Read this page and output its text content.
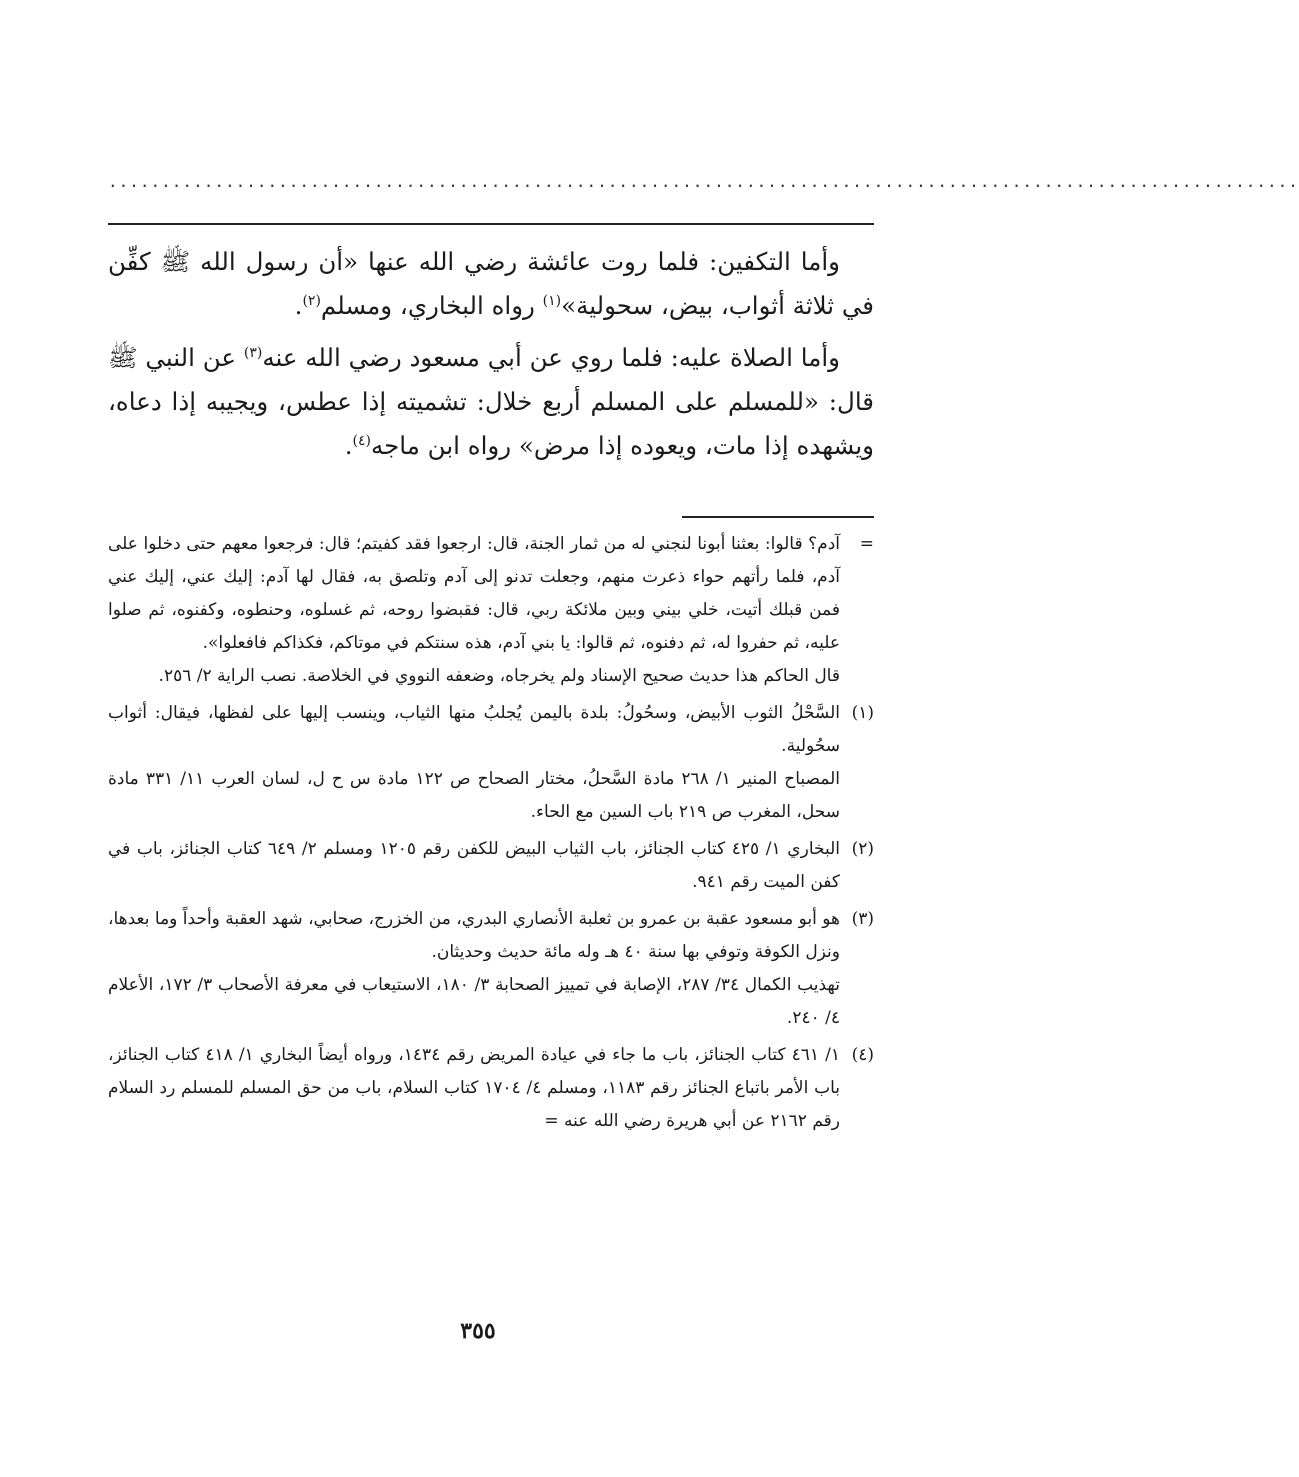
................................................................................................................

وأما التكفين: فلما روت عائشة رضي الله عنها «أن رسول الله ﷺ كفِّن في ثلاثة أثواب، بيض، سحولية»$^{(١)}$ رواه البخاري، ومسلم$^{(٢)}$.

وأما الصلاة عليه: فلما روي عن أبي مسعود رضي الله عنه$^{(٣)}$ عن النبي ﷺ قال: «للمسلم على المسلم أربع خلال: تشميته إذا عطس، ويجيبه إذا دعاه، ويشهده إذا مات، ويعوده إذا مرض» رواه ابن ماجه$^{(٤)}$.

=

آدم؟ قالوا: بعثنا أبونا لنجني له من ثمار الجنة، قال: ارجعوا فقد كفيتم؛ قال: فرجعوا معهم حتى دخلوا على آدم، فلما رأتهم حواء ذعرت منهم، وجعلت تدنو إلى آدم وتلصق به، فقال لها آدم: إليك عني، إليك عني فمن قبلك أتيت، خلي بيني وبين ملائكة ربي، قال: فقبضوا روحه، ثم غسلوه، وحنطوه، وكفنوه، ثم صلوا عليه، ثم حفروا له، ثم دفنوه، ثم قالوا: يا بني آدم، هذه سنتكم في موتاكم، فكذاكم فافعلوا».

قال الحاكم هذا حديث صحيح الإسناد ولم يخرجاه، وضعفه النووي في الخلاصة. نصب الراية ٢/ ٢٥٦.

(١)

السَّحْلُ الثوب الأبيض، وسحُولُ: بلدة باليمن يُجلبُ منها الثياب، وينسب إليها على لفظها، فيقال: أثواب سحُولية.

المصباح المنير ١/ ٢٦٨ مادة السَّحلُ، مختار الصحاح ص ١٢٢ مادة س ح ل، لسان العرب ١١/ ٣٣١ مادة سحل، المغرب ص ٢١٩ باب السين مع الحاء.

(٢)

البخاري ١/ ٤٢٥ كتاب الجنائز، باب الثياب البيض للكفن رقم ١٢٠٥ ومسلم ٢/ ٦٤٩ كتاب الجنائز، باب في كفن الميت رقم ٩٤١.

(٣)

هو أبو مسعود عقبة بن عمرو بن ثعلبة الأنصاري البدري، من الخزرج، صحابي، شهد العقبة وأحداً وما بعدها، ونزل الكوفة وتوفي بها سنة ٤٠ هـ وله مائة حديث وحديثان.

تهذيب الكمال ٣٤/ ٢٨٧، الإصابة في تمييز الصحابة ٣/ ١٨٠، الاستيعاب في معرفة الأصحاب ٣/ ١٧٢، الأعلام ٤/ ٢٤٠.

(٤)

١/ ٤٦١ كتاب الجنائز، باب ما جاء في عيادة المريض رقم ١٤٣٤، ورواه أيضاً البخاري ١/ ٤١٨ كتاب الجنائز، باب الأمر باتباع الجنائز رقم ١١٨٣، ومسلم ٤/ ١٧٠٤ كتاب السلام، باب من حق المسلم للمسلم رد السلام رقم ٢١٦٢ عن أبي هريرة رضي الله عنه =

٣٥٥
